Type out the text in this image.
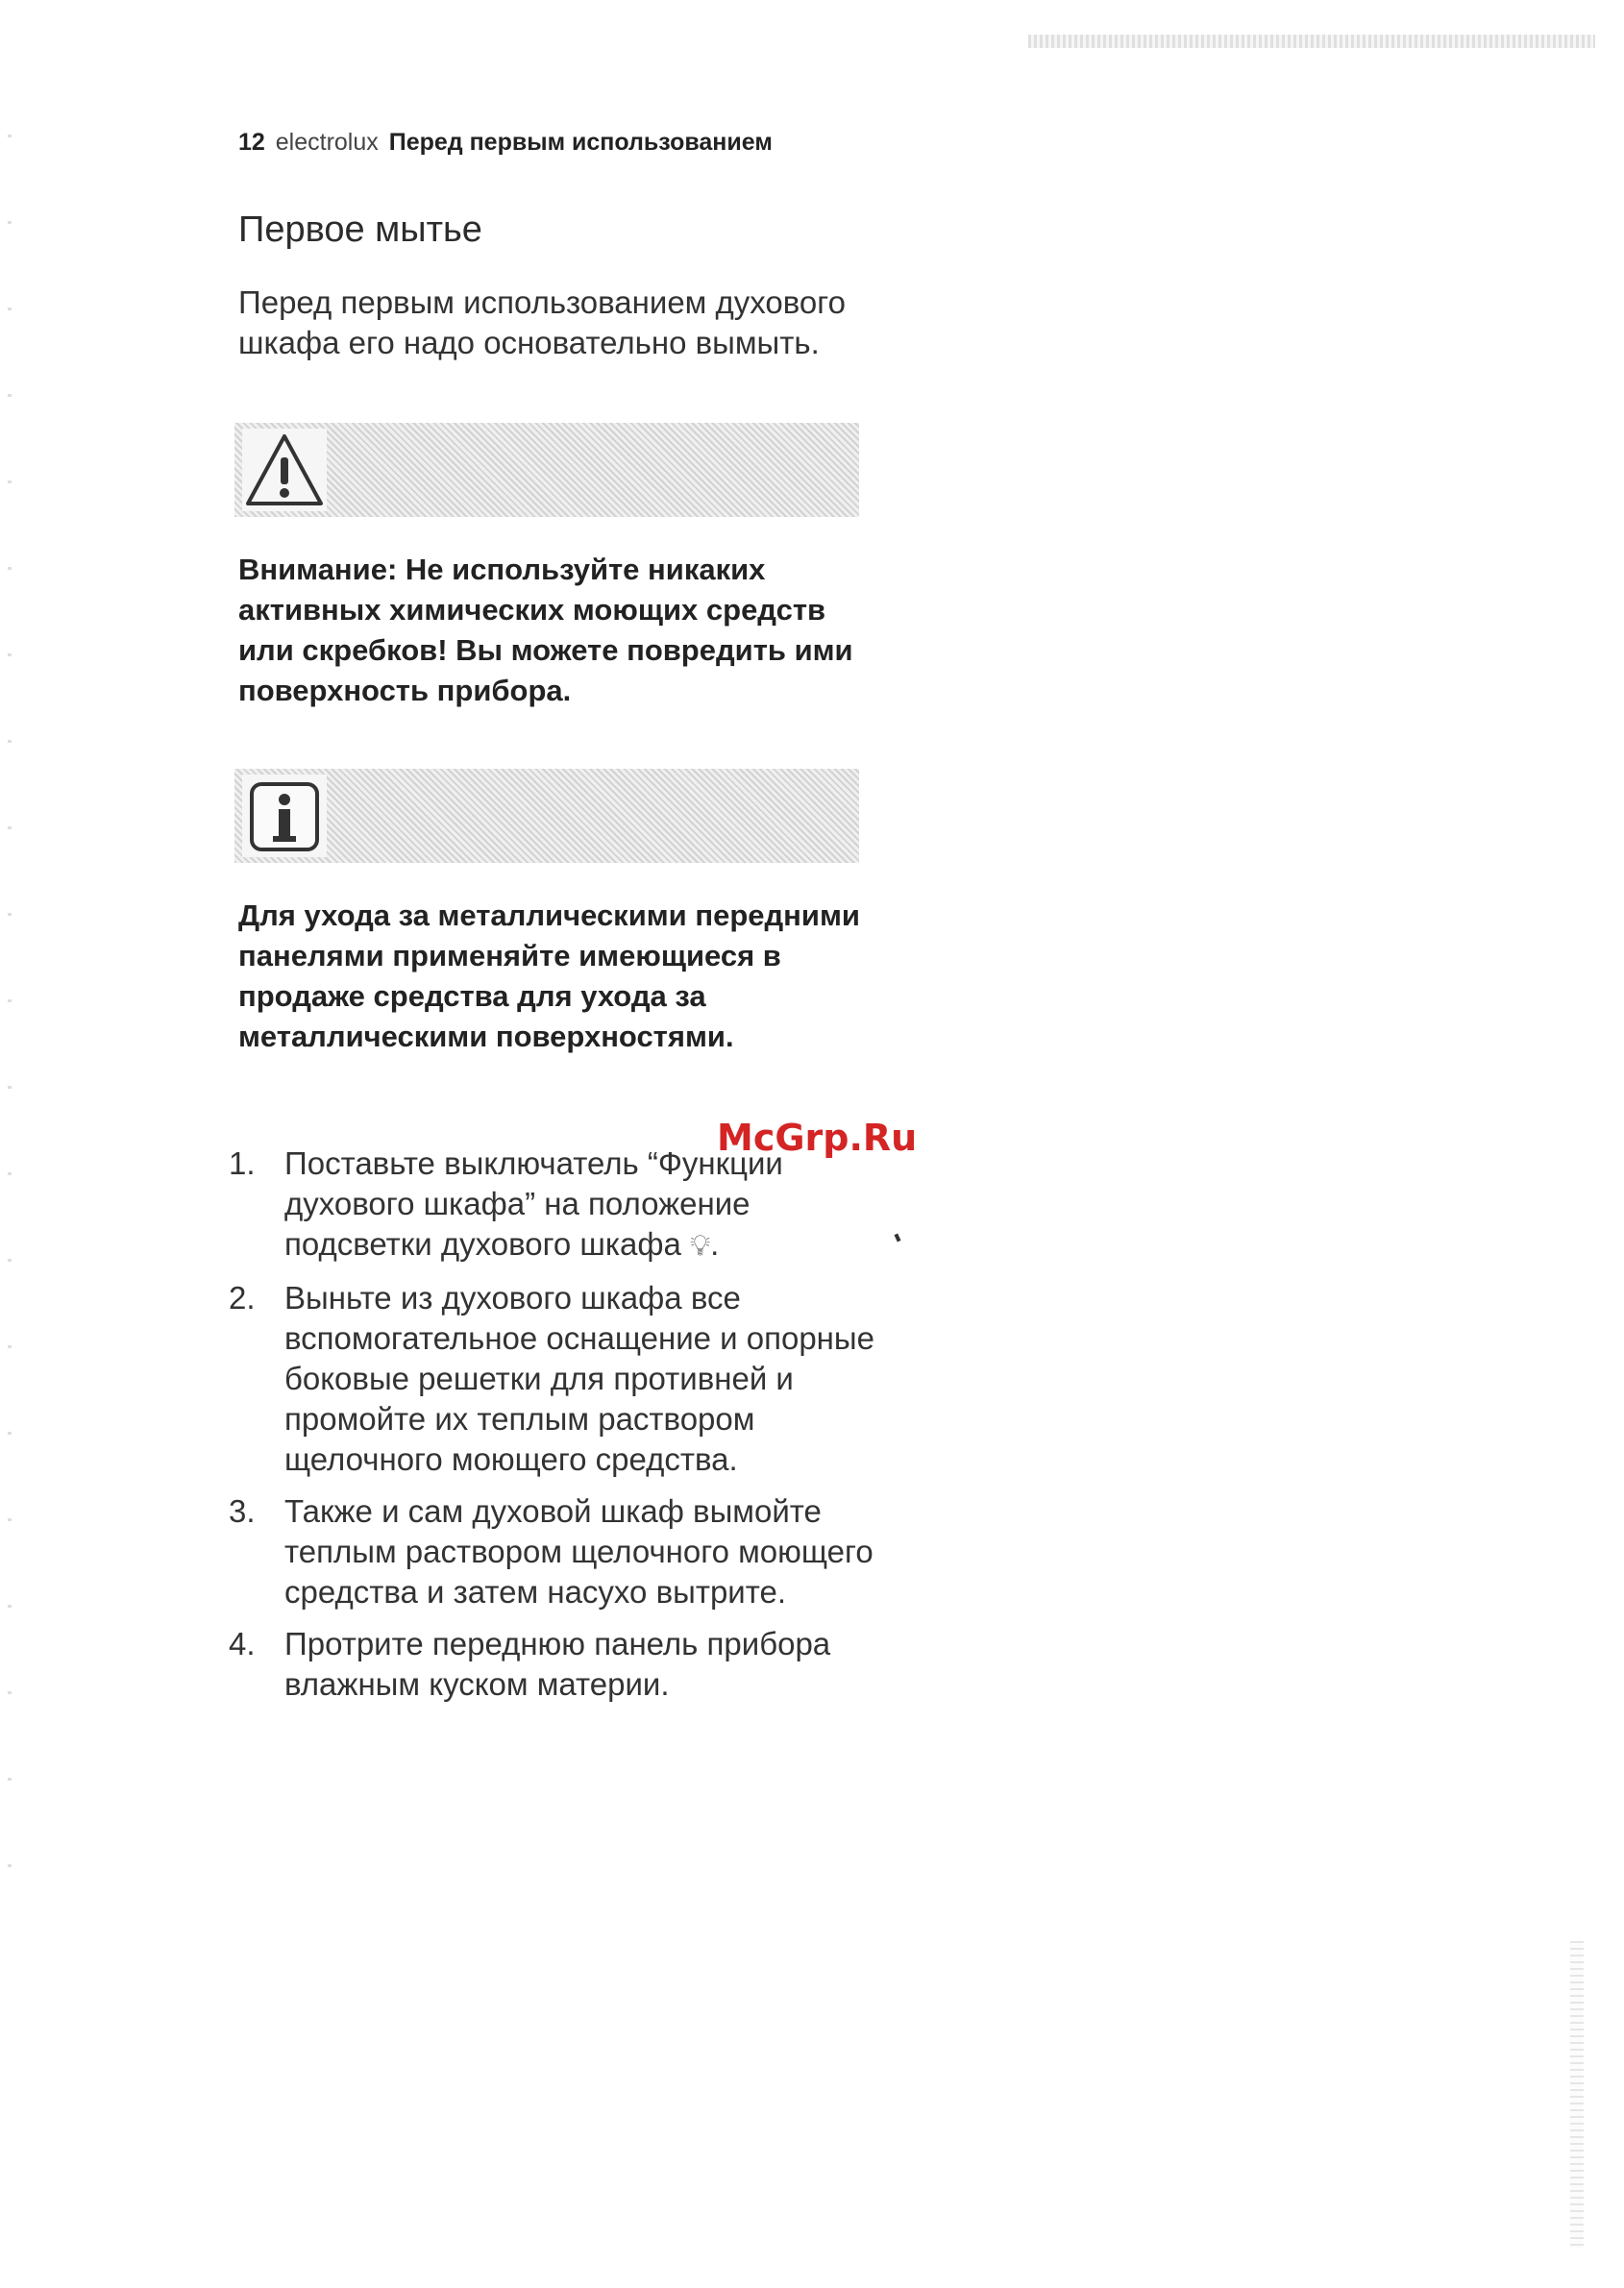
12 electrolux Перед первым использованием
Первое мытье

Перед первым использованием духового шкафа его надо основательно вымыть.

Внимание: Не используйте никаких активных химических моющих средств или скребков! Вы можете повредить ими поверхность прибора.

Для ухода за металлическими передними панелями применяйте имеющиеся в продаже средства для ухода за металлическими поверхностями.

1. Поставьте выключатель “Функции духового шкафа” на положение подсветки духового шкафа 💡︎.
2. Выньте из духового шкафа все вспомогательное оснащение и опорные боковые решетки для противней и промойте их теплым раствором щелочного моющего средства.
3. Также и сам духовой шкаф вымойте теплым раствором щелочного моющего средства и затем насухо вытрите.
4. Протрите переднюю панель прибора влажным куском материи.
McGrp.Ru
